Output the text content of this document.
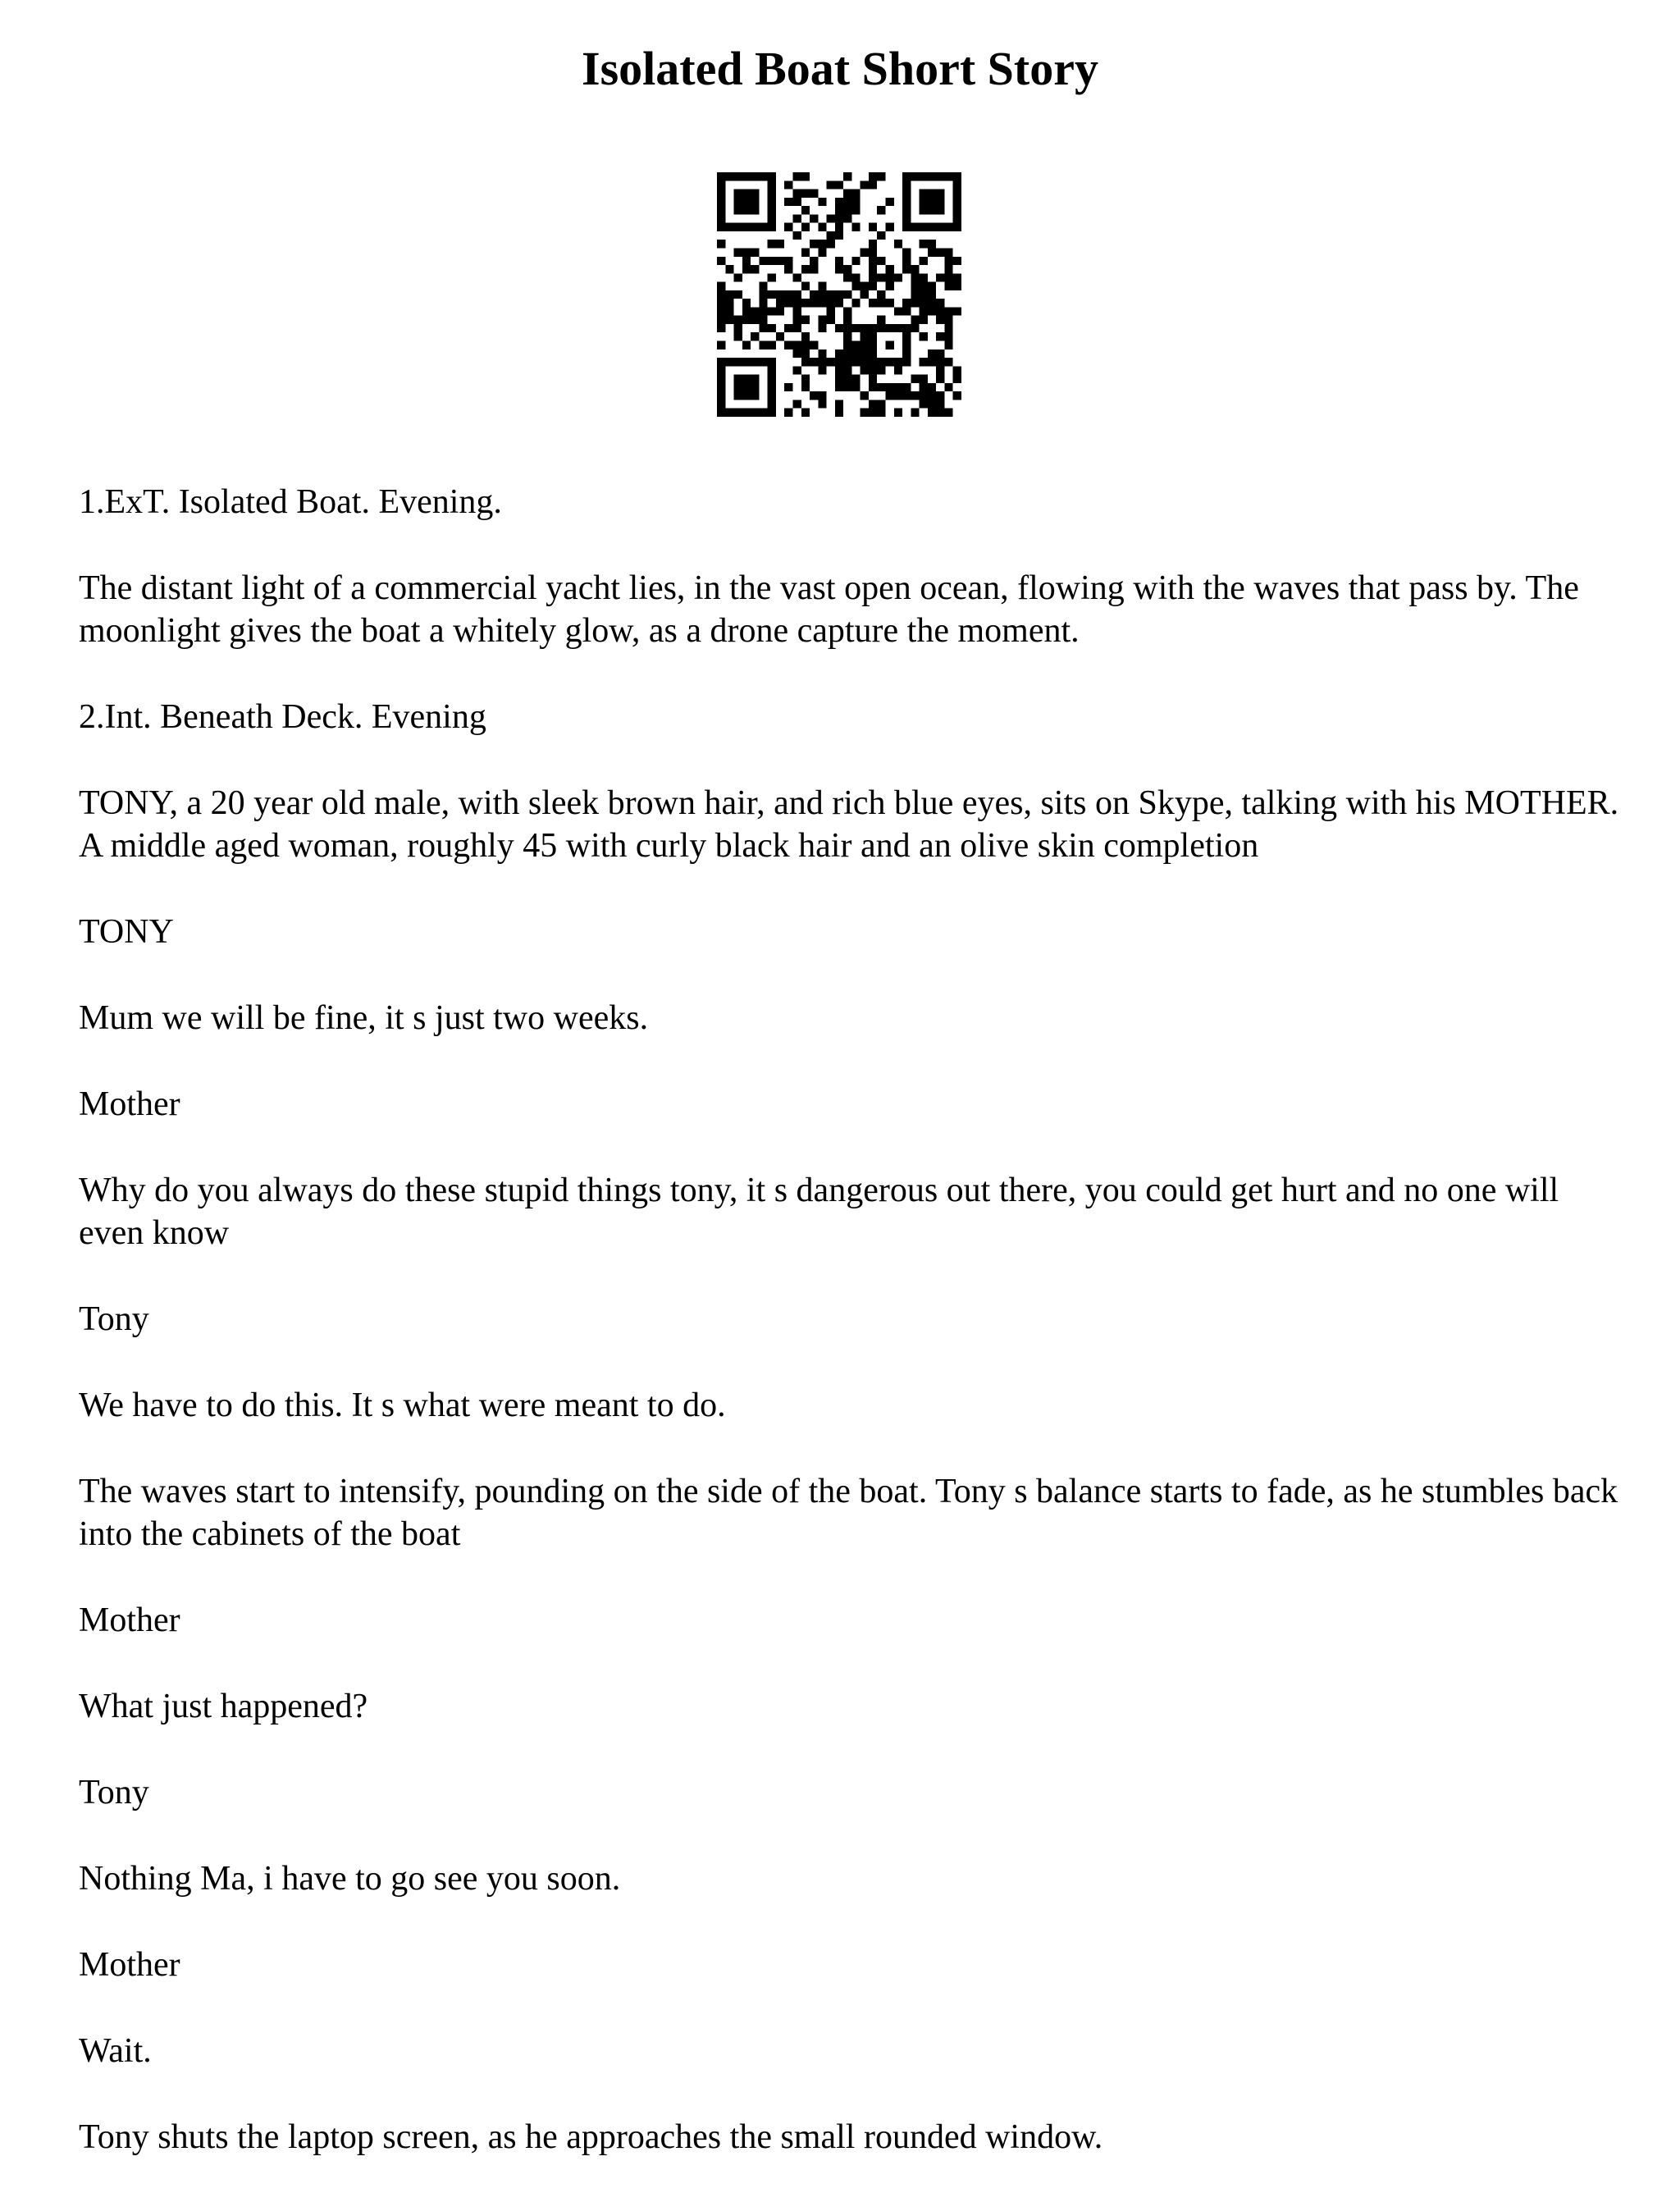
Isolated Boat Short Story

1.ExT. Isolated Boat. Evening.

The distant light of a commercial yacht lies, in the vast open ocean, flowing with the waves that pass by. The moonlight gives the boat a whitely glow, as a drone capture the moment.

2.Int. Beneath Deck. Evening

TONY, a 20 year old male, with sleek brown hair, and rich blue eyes, sits on Skype, talking with his MOTHER. A middle aged woman, roughly 45 with curly black hair and an olive skin completion

TONY

Mum we will be fine, it s just two weeks.

Mother

Why do you always do these stupid things tony, it s dangerous out there, you could get hurt and no one will even know

Tony

We have to do this. It s what were meant to do.

The waves start to intensify, pounding on the side of the boat. Tony s balance starts to fade, as he stumbles back into the cabinets of the boat

Mother

What just happened?

Tony

Nothing Ma, i have to go see you soon.

Mother

Wait.

Tony shuts the laptop screen, as he approaches the small rounded window.
